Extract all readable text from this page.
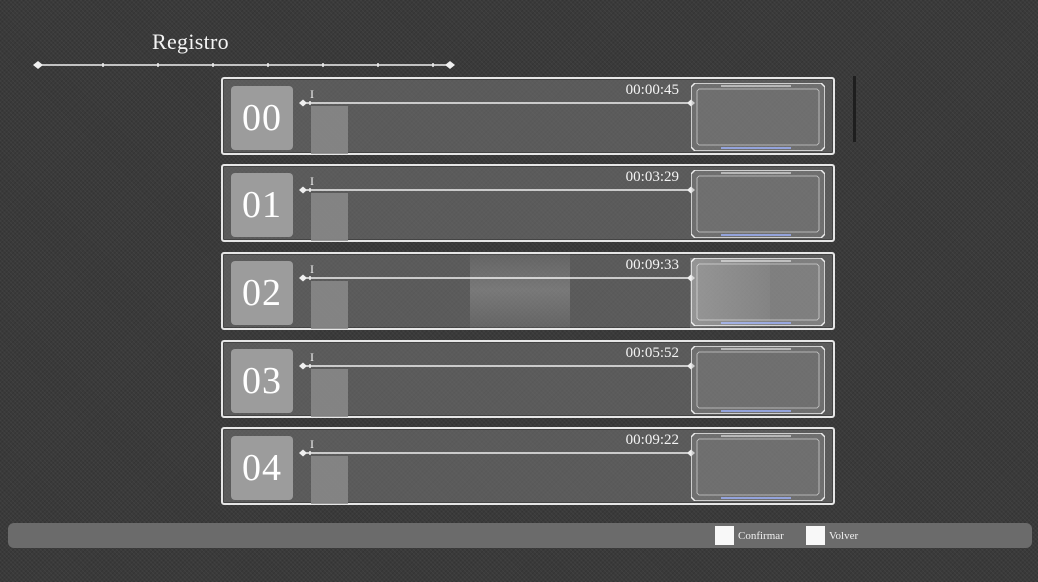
Registro
00
I	00:00:45
01
I	00:03:29
02
I	00:09:33
03
I	00:05:52
04
I	00:09:22
Confirmar	Volver
